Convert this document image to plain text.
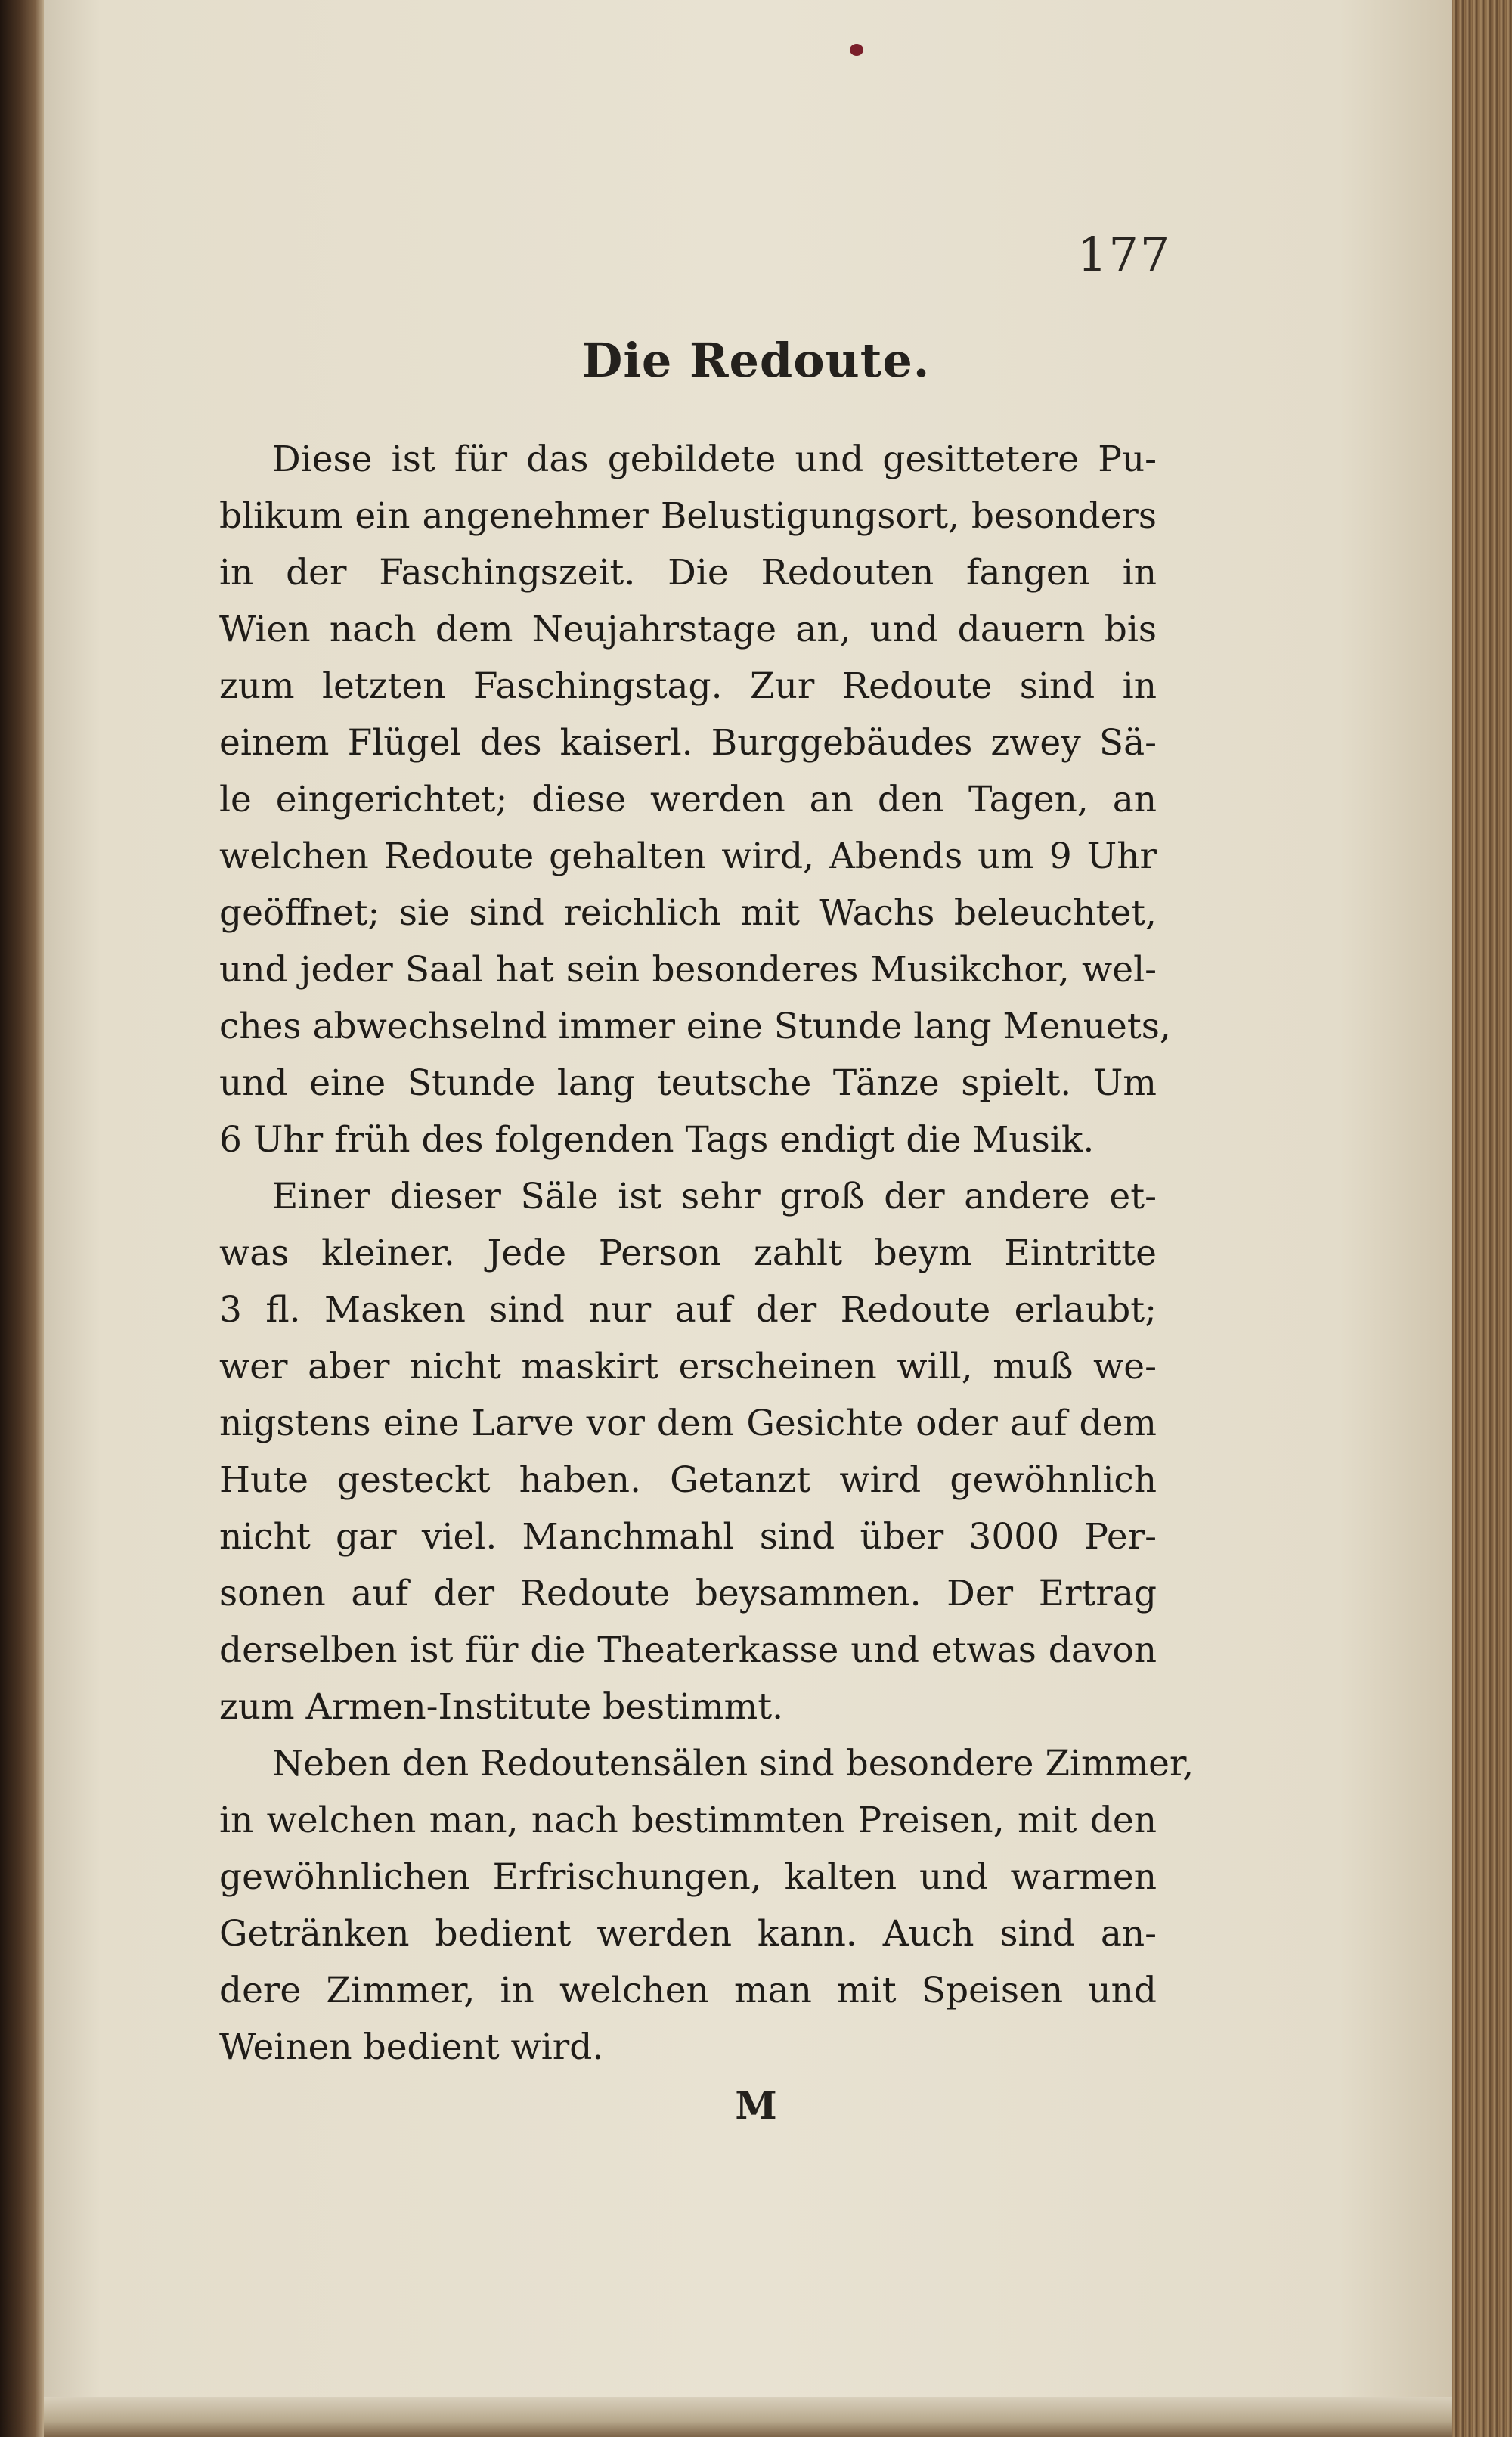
177
Die Redoute.
Diese ist für das gebildete und gesittetere Pu-
blikum ein angenehmer Belustigungsort, besonders
in der Faschingszeit. Die Redouten fangen in
Wien nach dem Neujahrstage an, und dauern bis
zum letzten Faschingstag. Zur Redoute sind in
einem Flügel des kaiserl. Burggebäudes zwey Sä-
le eingerichtet; diese werden an den Tagen, an
welchen Redoute gehalten wird, Abends um 9 Uhr
geöffnet; sie sind reichlich mit Wachs beleuchtet,
und jeder Saal hat sein besonderes Musikchor, wel-
ches abwechselnd immer eine Stunde lang Menuets,
und eine Stunde lang teutsche Tänze spielt. Um
6 Uhr früh des folgenden Tags endigt die Musik.
Einer dieser Säle ist sehr groß der andere et-
was kleiner. Jede Person zahlt beym Eintritte
3 fl. Masken sind nur auf der Redoute erlaubt;
wer aber nicht maskirt erscheinen will, muß we-
nigstens eine Larve vor dem Gesichte oder auf dem
Hute gesteckt haben. Getanzt wird gewöhnlich
nicht gar viel. Manchmahl sind über 3000 Per-
sonen auf der Redoute beysammen. Der Ertrag
derselben ist für die Theaterkasse und etwas davon
zum Armen-Institute bestimmt.
Neben den Redoutensälen sind besondere Zimmer,
in welchen man, nach bestimmten Preisen, mit den
gewöhnlichen Erfrischungen, kalten und warmen
Getränken bedient werden kann. Auch sind an-
dere Zimmer, in welchen man mit Speisen und
Weinen bedient wird.
M
